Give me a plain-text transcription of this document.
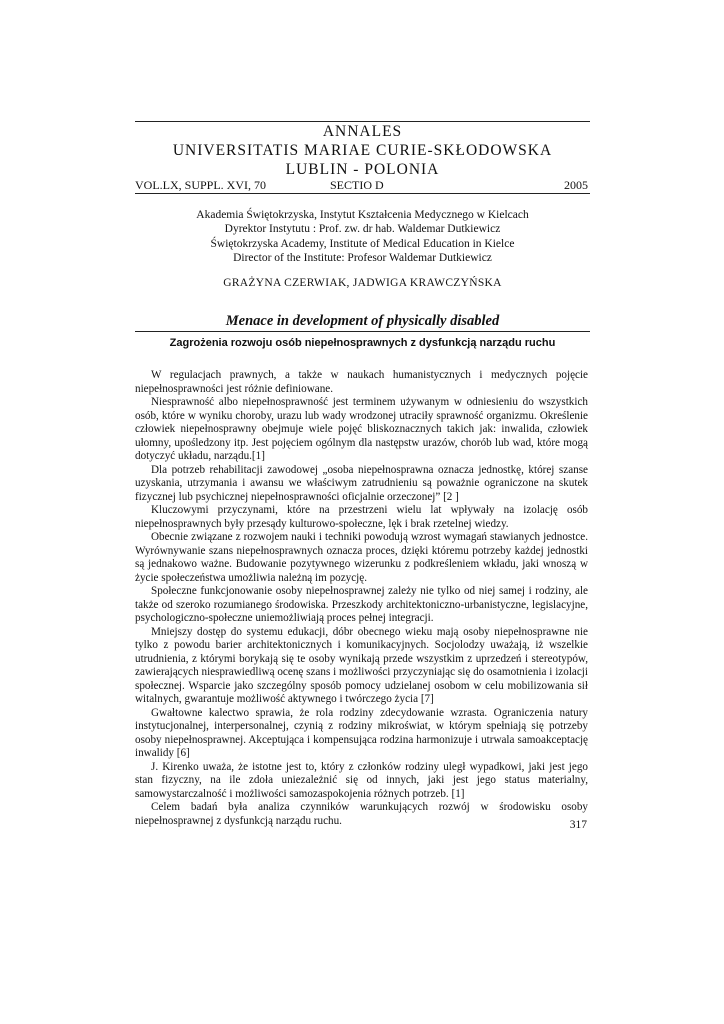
ANNALES
UNIVERSITATIS MARIAE CURIE-SKŁODOWSKA
LUBLIN - POLONIA
VOL.LX, SUPPL. XVI, 70	SECTIO D	2005
Akademia Świętokrzyska, Instytut Kształcenia Medycznego w Kielcach
Dyrektor Instytutu : Prof. zw. dr hab. Waldemar Dutkiewicz
Świętokrzyska Academy, Institute of Medical Education in Kielce
Director of the Institute: Profesor Waldemar Dutkiewicz
GRAŻYNA CZERWIAK, JADWIGA KRAWCZYŃSKA
Menace in development of physically disabled
Zagrożenia rozwoju osób niepełnosprawnych z dysfunkcją narządu ruchu

W regulacjach prawnych, a także w naukach humanistycznych i medycznych pojęcie niepełnosprawności jest różnie definiowane.

Niesprawność albo niepełnosprawność jest terminem używanym w odniesieniu do wszystkich osób, które w wyniku choroby, urazu lub wady wrodzonej utraciły sprawność organizmu. Określenie człowiek niepełnosprawny obejmuje wiele pojęć bliskoznacznych takich jak: inwalida, człowiek ułomny, upośledzony itp. Jest pojęciem ogólnym dla następstw urazów, chorób lub wad, które mogą dotyczyć układu, narządu.[1]

Dla potrzeb rehabilitacji zawodowej „osoba niepełnosprawna oznacza jednostkę, której szanse uzyskania, utrzymania i awansu we właściwym zatrudnieniu są poważnie ograniczone na skutek fizycznej lub psychicznej niepełnosprawności oficjalnie orzeczonej” [2 ]

Kluczowymi przyczynami, które na przestrzeni wielu lat wpływały na izolację osób niepełnosprawnych były przesądy kulturowo-społeczne, lęk i brak rzetelnej wiedzy.

Obecnie związane z rozwojem nauki i techniki powodują wzrost wymagań stawianych jednostce. Wyrównywanie szans niepełnosprawnych oznacza proces, dzięki któremu potrzeby każdej jednostki są jednakowo ważne. Budowanie pozytywnego wizerunku z podkreśleniem wkładu, jaki wnoszą w życie społeczeństwa umożliwia należną im pozycję.

Społeczne funkcjonowanie osoby niepełnosprawnej zależy nie tylko od niej samej i rodziny, ale także od szeroko rozumianego środowiska. Przeszkody architektoniczno-urbanistyczne, legislacyjne, psychologiczno-społeczne uniemożliwiają proces pełnej integracji.

Mniejszy dostęp do systemu edukacji, dóbr obecnego wieku mają osoby niepełnosprawne nie tylko z powodu barier architektonicznych i komunikacyjnych. Socjolodzy uważają, iż wszelkie utrudnienia, z którymi borykają się te osoby wynikają przede wszystkim z uprzedzeń i stereotypów, zawierających niesprawiedliwą ocenę szans i możliwości przyczyniając się do osamotnienia i izolacji społecznej. Wsparcie jako szczególny sposób pomocy udzielanej osobom w celu mobilizowania sił witalnych, gwarantuje możliwość aktywnego i twórczego życia [7]

Gwałtowne kalectwo sprawia, że rola rodziny zdecydowanie wzrasta. Ograniczenia natury instytucjonalnej, interpersonalnej, czynią z rodziny mikroświat, w którym spełniają się potrzeby osoby niepełnosprawnej. Akceptująca i kompensująca rodzina harmonizuje i utrwala samoakceptację inwalidy [6]

J. Kirenko uważa, że istotne jest to, który z członków rodziny uległ wypadkowi, jaki jest jego stan fizyczny, na ile zdoła uniezależnić się od innych, jaki jest jego status materialny, samowystarczalność i możliwości samozaspokojenia różnych potrzeb. [1]

Celem badań była analiza czynników warunkujących rozwój w środowisku osoby niepełnosprawnej z dysfunkcją narządu ruchu.	317
